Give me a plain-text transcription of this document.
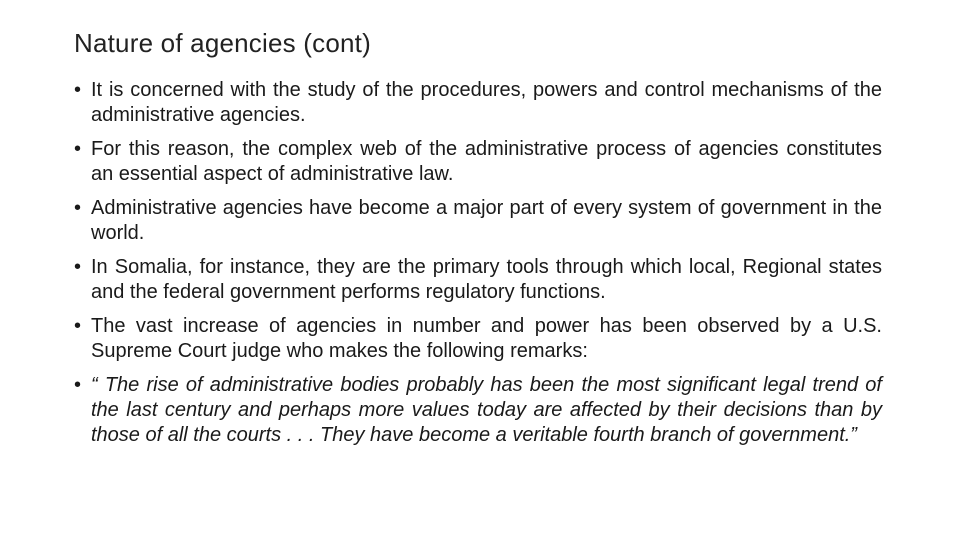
Nature of agencies (cont)
• It is concerned with the study of the procedures, powers and control mechanisms of the administrative agencies.
• For this reason, the complex web of the administrative process of agencies constitutes an essential aspect of administrative law.
• Administrative agencies have become a major part of every system of government in the world.
• In Somalia, for instance, they are the primary tools through which local, Regional states and the federal government performs regulatory functions.
• The vast increase of agencies in number and power has been observed by a U.S. Supreme Court judge who makes the following remarks:
• “ The rise of administrative bodies probably has been the most significant legal trend of the last century and perhaps more values today are affected by their decisions than by those of all the courts . . . They have become a veritable fourth branch of government.”
